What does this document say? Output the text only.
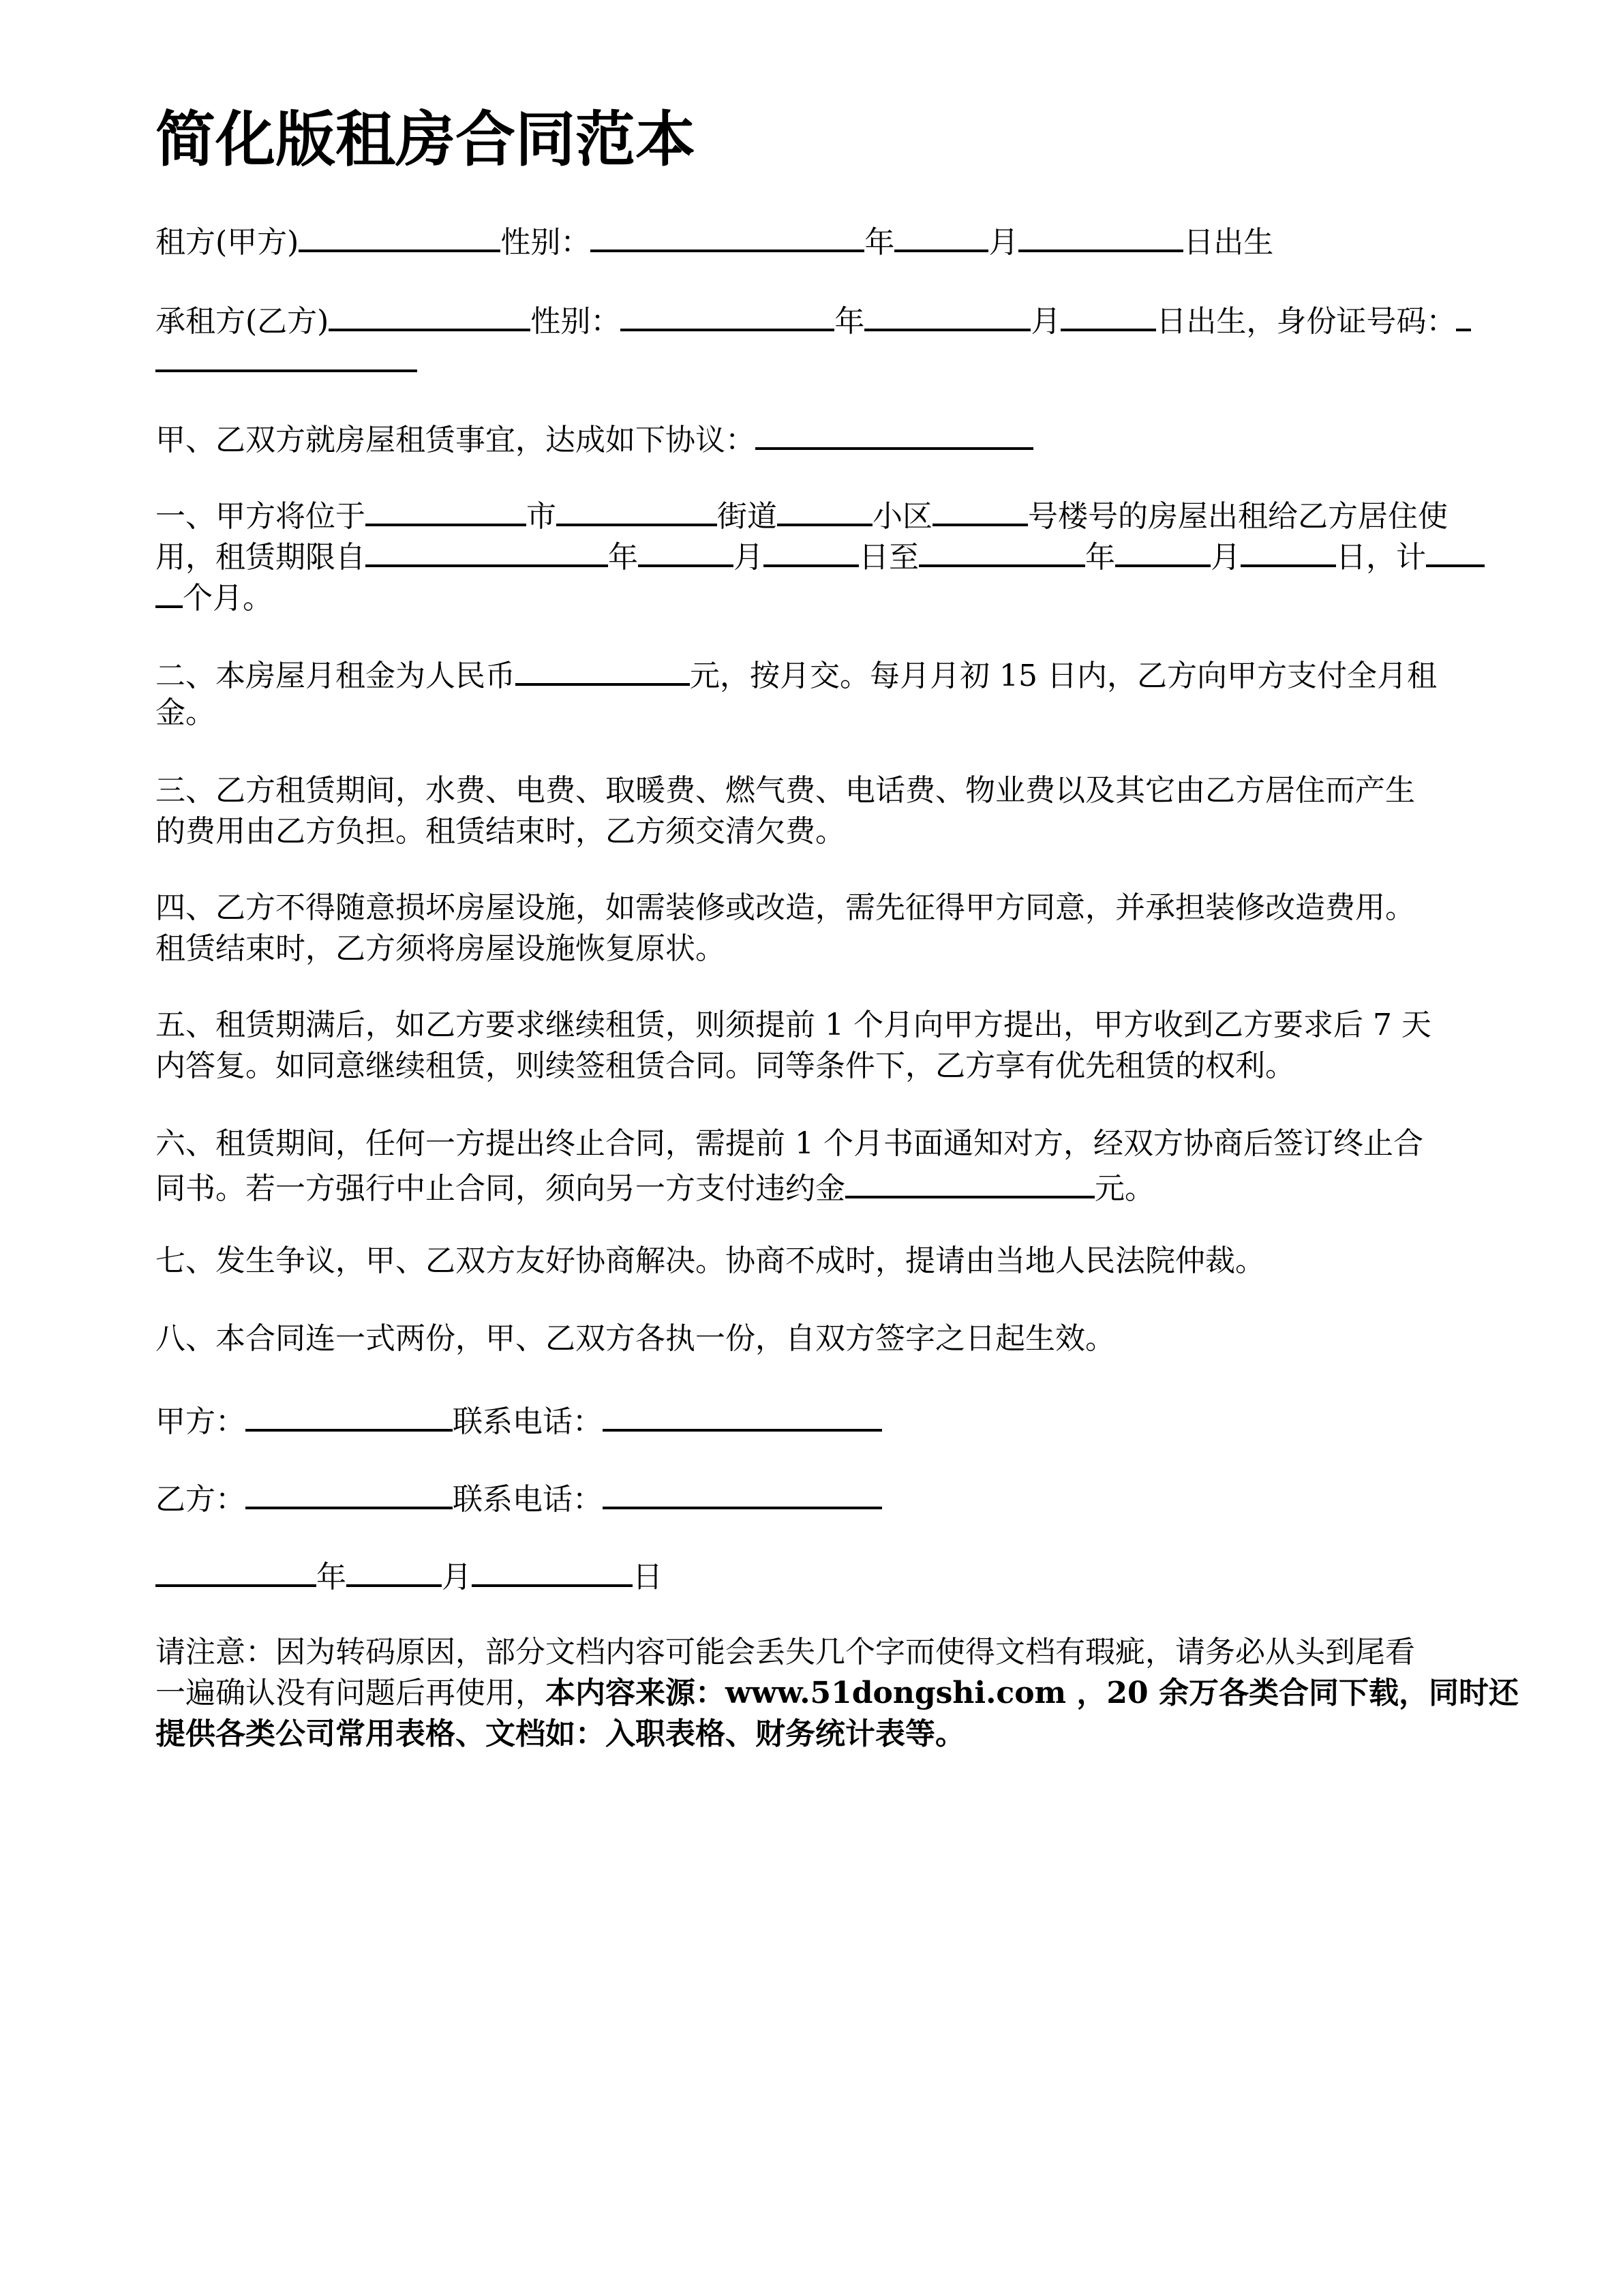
简化版租房合同范本
租方(甲方)	性别：	年	月	日出生
承租方(乙方)	性别：	年	月	日出生，身份证号码：
甲、乙双方就房屋租赁事宜，达成如下协议：
一、甲方将位于	市	街道	小区	号楼号的房屋出租给乙方居住使
用，租赁期限自	年	月	日至	年	月	日，计
个月。
二、本房屋月租金为人民币	元，按月交。每月月初 15 日内，乙方向甲方支付全月租
金。
三、乙方租赁期间，水费、电费、取暖费、燃气费、电话费、物业费以及其它由乙方居住而产生
的费用由乙方负担。租赁结束时，乙方须交清欠费。
四、乙方不得随意损坏房屋设施，如需装修或改造，需先征得甲方同意，并承担装修改造费用。
租赁结束时，乙方须将房屋设施恢复原状。
五、租赁期满后，如乙方要求继续租赁，则须提前 1 个月向甲方提出，甲方收到乙方要求后 7 天
内答复。如同意继续租赁，则续签租赁合同。同等条件下，乙方享有优先租赁的权利。
六、租赁期间，任何一方提出终止合同，需提前 1 个月书面通知对方，经双方协商后签订终止合
同书。若一方强行中止合同，须向另一方支付违约金	元。
七、发生争议，甲、乙双方友好协商解决。协商不成时，提请由当地人民法院仲裁。
八、本合同连一式两份，甲、乙双方各执一份，自双方签字之日起生效。
甲方：	联系电话：
乙方：	联系电话：
年	月	日
请注意：因为转码原因，部分文档内容可能会丢失几个字而使得文档有瑕疵，请务必从头到尾看
一遍确认没有问题后再使用，本内容来源：www.51dongshi.com ，20 余万各类合同下载，同时还
提供各类公司常用表格、文档如：入职表格、财务统计表等。
